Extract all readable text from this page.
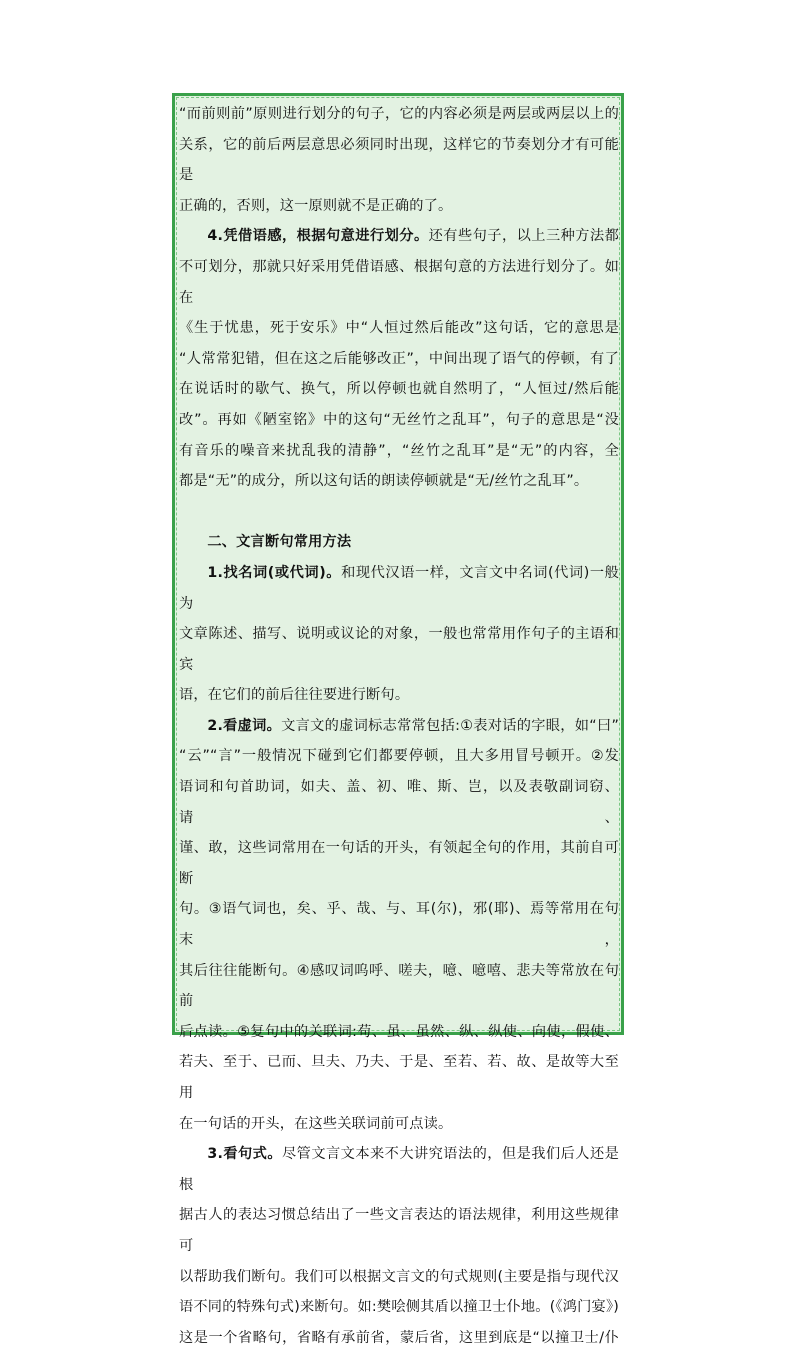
“而前则前”原则进行划分的句子，它的内容必须是两层或两层以上的

关系，它的前后两层意思必须同时出现，这样它的节奏划分才有可能是

正确的，否则，这一原则就不是正确的了。

4.凭借语感，根据句意进行划分。还有些句子，以上三种方法都

不可划分，那就只好采用凭借语感、根据句意的方法进行划分了。如在

《生于忧患，死于安乐》中“人恒过然后能改”这句话，它的意思是

“人常常犯错，但在这之后能够改正”，中间出现了语气的停顿，有了

在说话时的歇气、换气，所以停顿也就自然明了，“人恒过/然后能

改”。再如《陋室铭》中的这句“无丝竹之乱耳”，句子的意思是“没

有音乐的噪音来扰乱我的清静”，“丝竹之乱耳”是“无”的内容，全

都是“无”的成分，所以这句话的朗读停顿就是“无/丝竹之乱耳”。

二、文言断句常用方法

1.找名词(或代词)。和现代汉语一样，文言文中名词(代词)一般为

文章陈述、描写、说明或议论的对象，一般也常常用作句子的主语和宾

语，在它们的前后往往要进行断句。

2.看虚词。文言文的虚词标志常常包括:①表对话的字眼，如“曰”

“云”“言”一般情况下碰到它们都要停顿，且大多用冒号顿开。②发

语词和句首助词，如夫、盖、初、唯、斯、岂，以及表敬副词窃、请、

谨、敢，这些词常用在一句话的开头，有领起全句的作用，其前自可断

句。③语气词也，矣、乎、哉、与、耳(尔)，邪(耶)、焉等常用在句末，

其后往往能断句。④感叹词呜呼、嗟夫，噫、噫嘻、悲夫等常放在句前

后点读。⑤复句中的关联词:苟、虽、虽然、纵、纵使、向使，假使、

若夫、至于、已而、旦夫、乃夫、于是、至若、若、故、是故等大至用

在一句话的开头，在这些关联词前可点读。

3.看句式。尽管文言文本来不大讲究语法的，但是我们后人还是根

据古人的表达习惯总结出了一些文言表达的语法规律，利用这些规律可

以帮助我们断句。我们可以根据文言文的句式规则(主要是指与现代汉

语不同的特殊句式)来断句。如:樊哙侧其盾以撞卫士仆地。(《鸿门宴》)

这是一个省略句，省略有承前省，蒙后省，这里到底是“以撞卫士/仆
